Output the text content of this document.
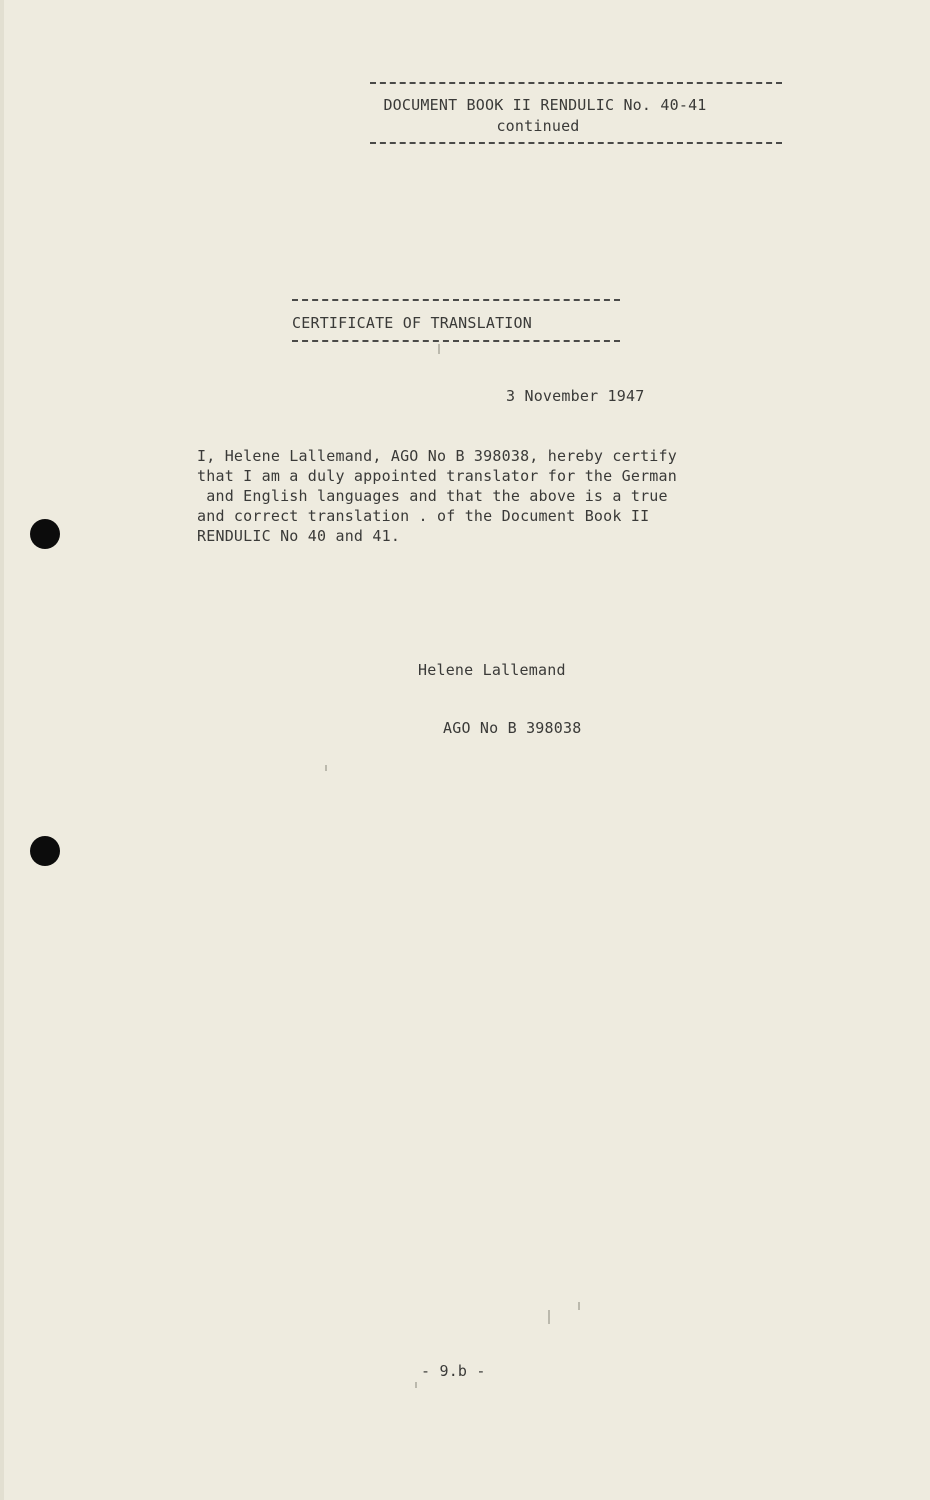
DOCUMENT BOOK II RENDULIC No. 40-41
continued
CERTIFICATE OF TRANSLATION
3 November 1947
I, Helene Lallemand, AGO No B 398038, hereby certify
that I am a duly appointed translator for the German
and English languages and that the above is a true
and correct translation . of the Document Book II
RENDULIC No 40 and 41.
Helene Lallemand
AGO No B 398038
- 9.b -
